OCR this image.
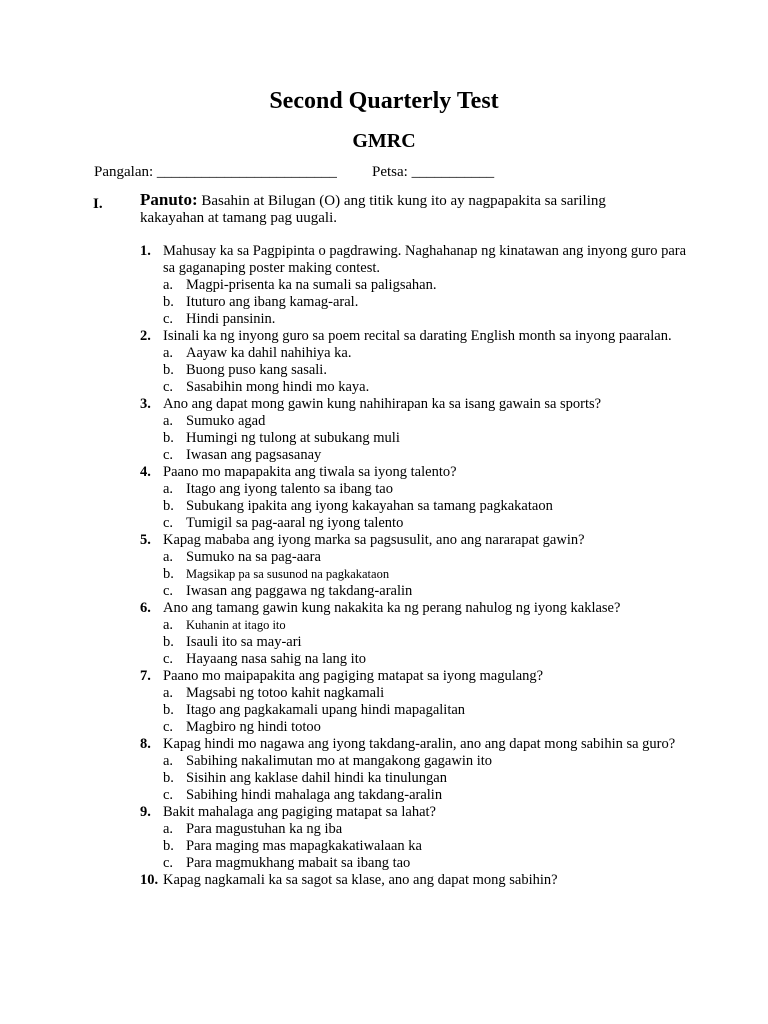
Second Quarterly Test
GMRC
Pangalan: ________________________ Petsa: ___________
I. Panuto: Basahin at Bilugan (O) ang titik kung ito ay nagpapakita sa sariling kakayahan at tamang pag uugali.
1. Mahusay ka sa Pagpipinta o pagdrawing. Naghahanap ng kinatawan ang inyong guro para sa gaganaping poster making contest.
a. Magpi-prisenta ka na sumali sa paligsahan.
b. Ituturo ang ibang kamag-aral.
c. Hindi pansinin.
2. Isinali ka ng inyong guro sa poem recital sa darating English month sa inyong paaralan.
a. Aayaw ka dahil nahihiya ka.
b. Buong puso kang sasali.
c. Sasabihin mong hindi mo kaya.
3. Ano ang dapat mong gawin kung nahihirapan ka sa isang gawain sa sports?
a. Sumuko agad
b. Humingi ng tulong at subukang muli
c. Iwasan ang pagsasanay
4. Paano mo mapapakita ang tiwala sa iyong talento?
a. Itago ang iyong talento sa ibang tao
b. Subukang ipakita ang iyong kakayahan sa tamang pagkakataon
c. Tumigil sa pag-aaral ng iyong talento
5. Kapag mababa ang iyong marka sa pagsusulit, ano ang nararapat gawin?
a. Sumuko na sa pag-aara
b. Magsikap pa sa susunod na pagkakataon
c. Iwasan ang paggawa ng takdang-aralin
6. Ano ang tamang gawin kung nakakita ka ng perang nahulog ng iyong kaklase?
a. Kuhanin at itago ito
b. Isauli ito sa may-ari
c. Hayaang nasa sahig na lang ito
7. Paano mo maipapakita ang pagiging matapat sa iyong magulang?
a. Magsabi ng totoo kahit nagkamali
b. Itago ang pagkakamali upang hindi mapagalitan
c. Magbiro ng hindi totoo
8. Kapag hindi mo nagawa ang iyong takdang-aralin, ano ang dapat mong sabihin sa guro?
a. Sabihing nakalimutan mo at mangakong gagawin ito
b. Sisihin ang kaklase dahil hindi ka tinulungan
c. Sabihing hindi mahalaga ang takdang-aralin
9. Bakit mahalaga ang pagiging matapat sa lahat?
a. Para magustuhan ka ng iba
b. Para maging mas mapagkakatiwalaan ka
c. Para magmukhang mabait sa ibang tao
10. Kapag nagkamali ka sa sagot sa klase, ano ang dapat mong sabihin?
